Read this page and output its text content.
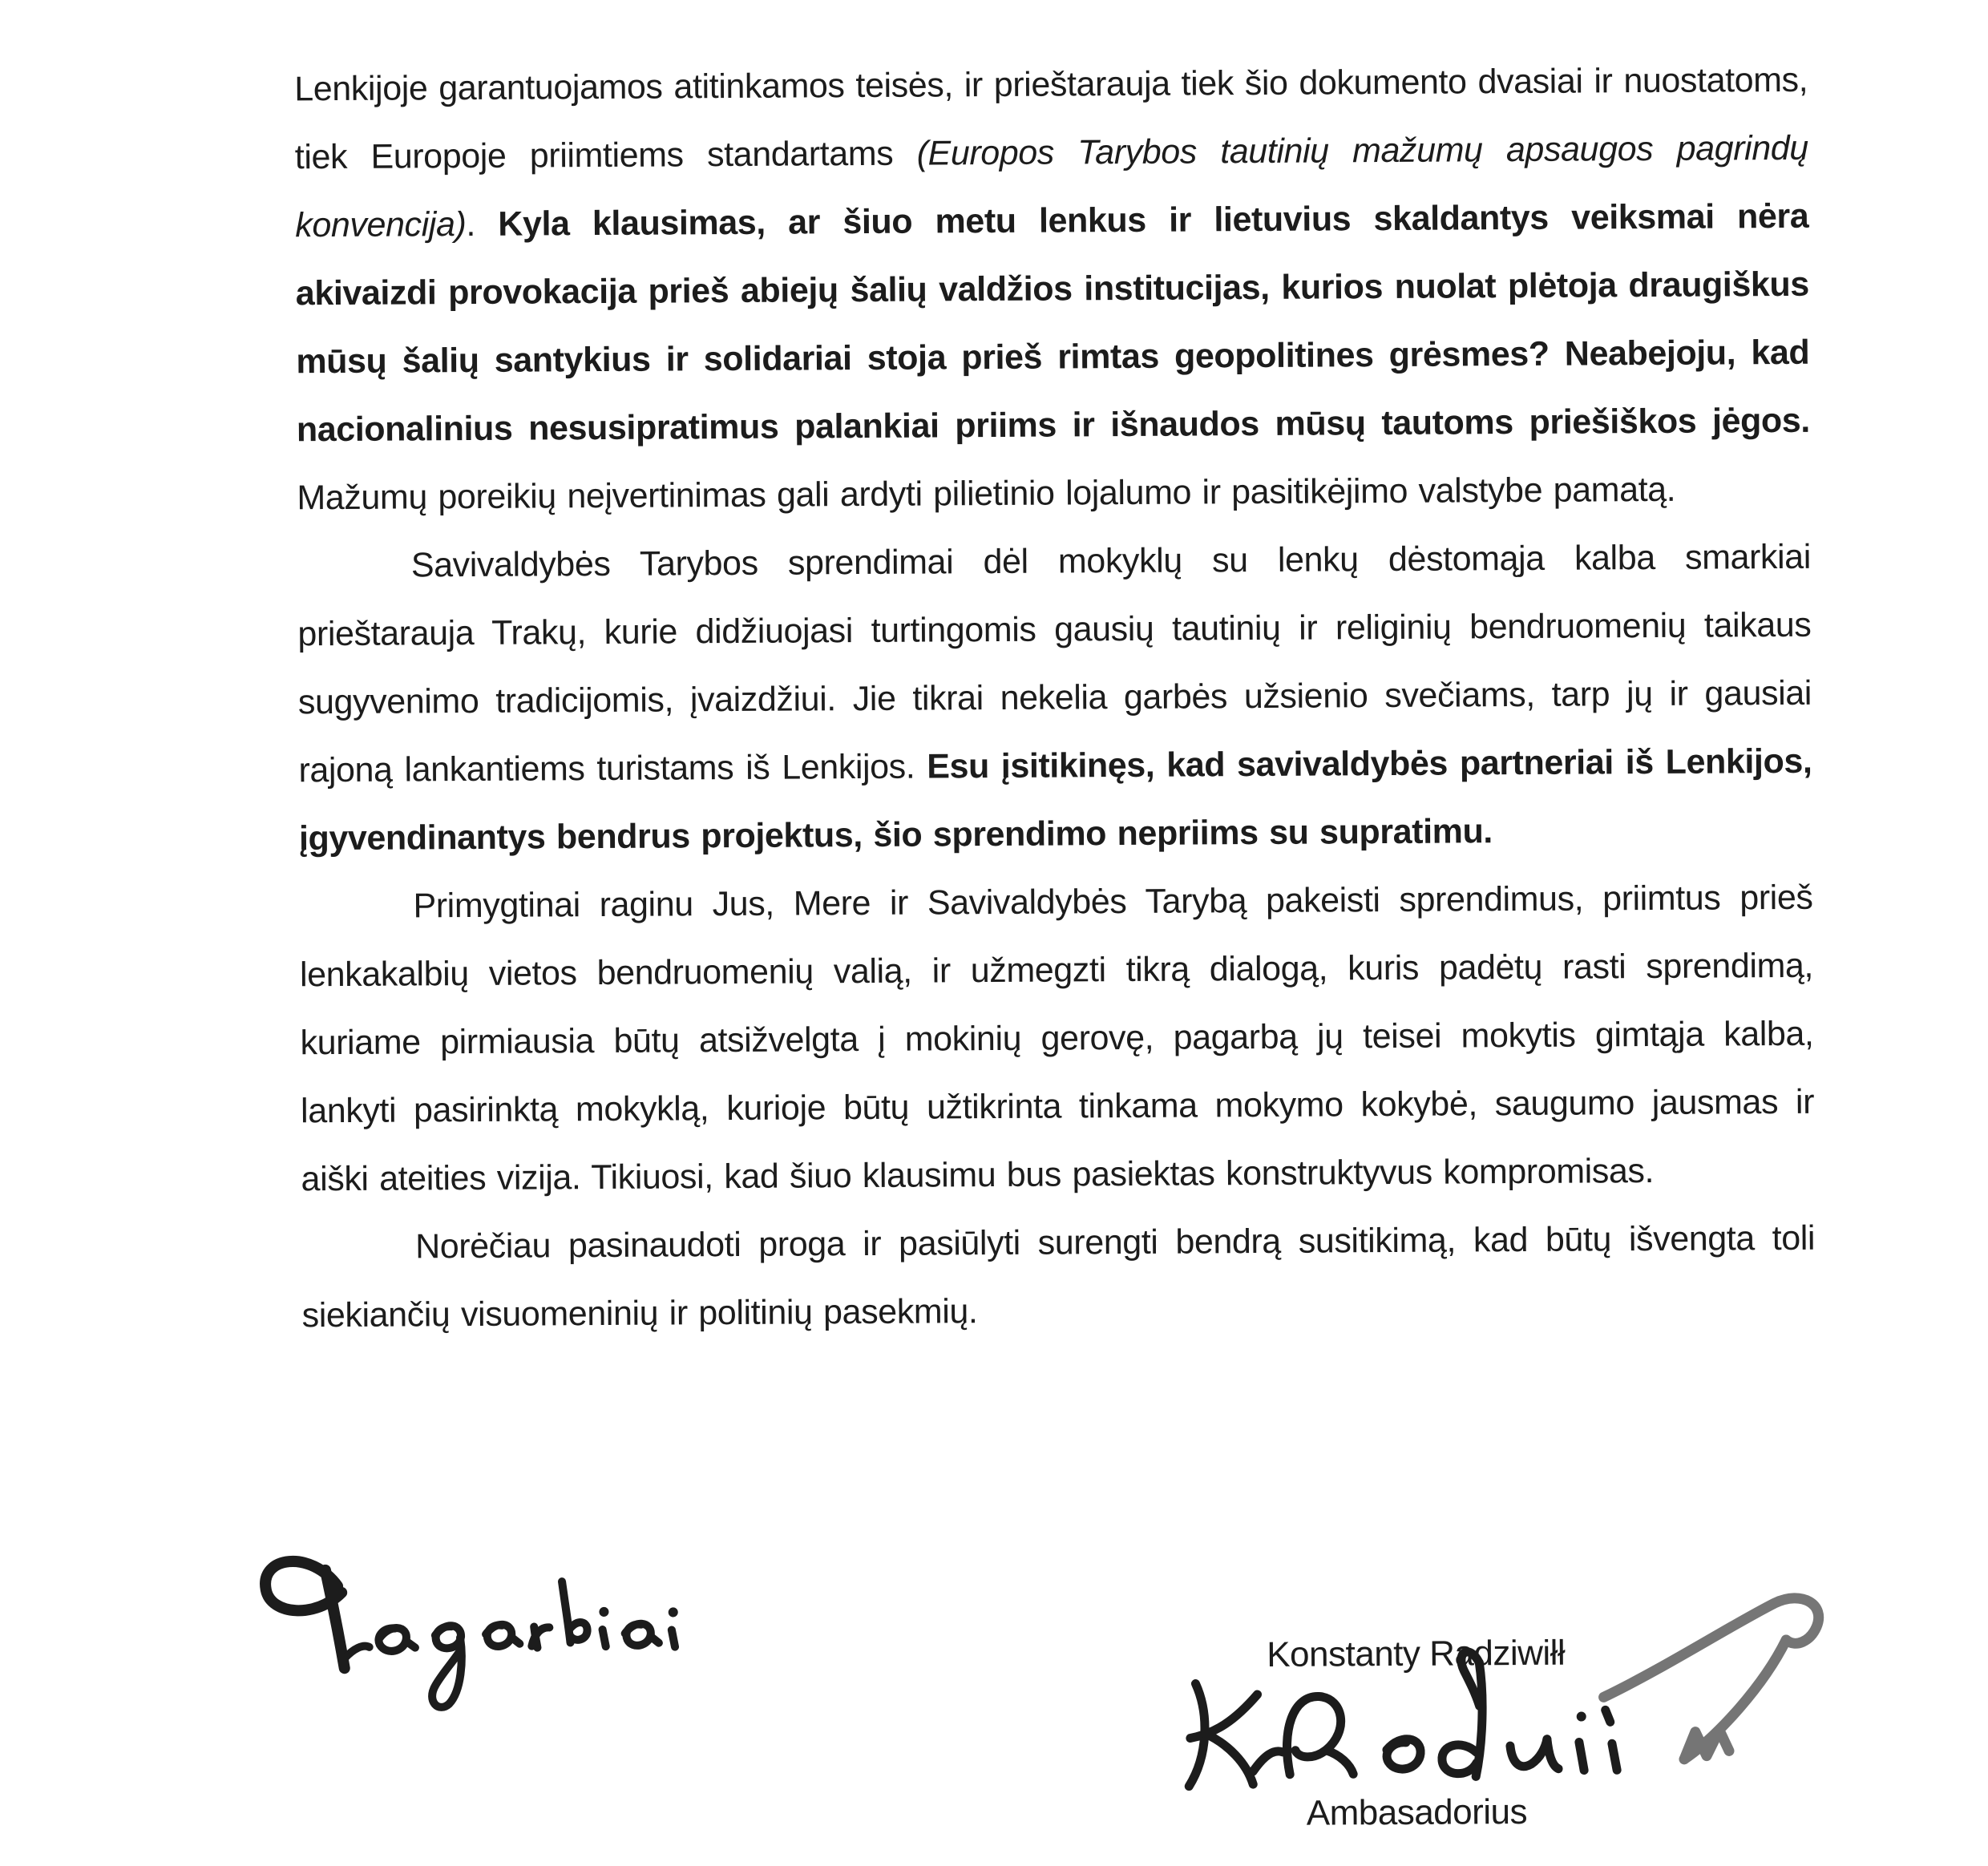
Lenkijoje garantuojamos atitinkamos teisės, ir prieštarauja tiek šio dokumento dvasiai ir nuostatoms, tiek Europoje priimtiems standartams (Europos Tarybos tautinių mažumų apsaugos pagrindų konvencija). Kyla klausimas, ar šiuo metu lenkus ir lietuvius skaldantys veiksmai nėra akivaizdi provokacija prieš abiejų šalių valdžios institucijas, kurios nuolat plėtoja draugiškus mūsų šalių santykius ir solidariai stoja prieš rimtas geopolitines grėsmes? Neabejoju, kad nacionalinius nesusipratimus palankiai priims ir išnaudos mūsų tautoms priešiškos jėgos. Mažumų poreikių neįvertinimas gali ardyti pilietinio lojalumo ir pasitikėjimo valstybe pamatą.

Savivaldybės Tarybos sprendimai dėl mokyklų su lenkų dėstomąja kalba smarkiai prieštarauja Trakų, kurie didžiuojasi turtingomis gausių tautinių ir religinių bendruomenių taikaus sugyvenimo tradicijomis, įvaizdžiui. Jie tikrai nekelia garbės užsienio svečiams, tarp jų ir gausiai rajoną lankantiems turistams iš Lenkijos. Esu įsitikinęs, kad savivaldybės partneriai iš Lenkijos, įgyvendinantys bendrus projektus, šio sprendimo nepriims su supratimu.

Primygtinai raginu Jus, Mere ir Savivaldybės Tarybą pakeisti sprendimus, priimtus prieš lenkakalbių vietos bendruomenių valią, ir užmegzti tikrą dialogą, kuris padėtų rasti sprendimą, kuriame pirmiausia būtų atsižvelgta į mokinių gerovę, pagarbą jų teisei mokytis gimtąja kalba, lankyti pasirinktą mokyklą, kurioje būtų užtikrinta tinkama mokymo kokybė, saugumo jausmas ir aiški ateities vizija. Tikiuosi, kad šiuo klausimu bus pasiektas konstruktyvus kompromisas.

Norėčiau pasinaudoti proga ir pasiūlyti surengti bendrą susitikimą, kad būtų išvengta toli siekiančių visuomeninių ir politinių pasekmių.

Konstanty Radziwiłł
Ambasadorius
